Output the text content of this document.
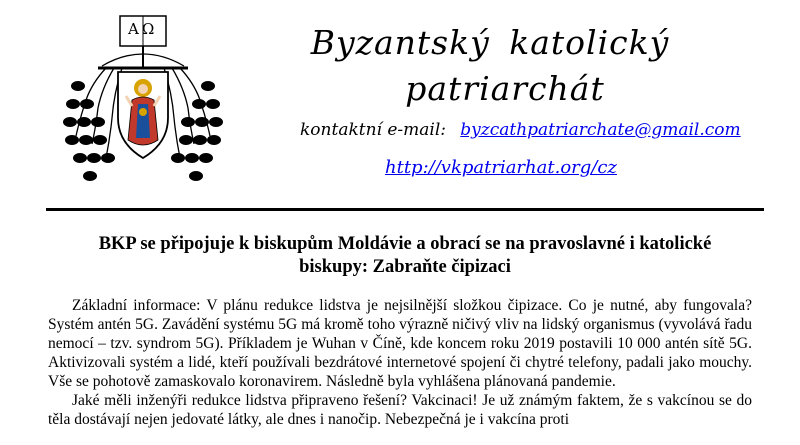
ΑΩ	Byzantský katolický
patriarchát
kontaktní e-mail: byzcathpatriarchate@gmail.com
http://vkpatriarhat.org/cz
BKP se připojuje k biskupům Moldávie a obrací se na pravoslavné i katolické
biskupy: Zabraňte čipizaci

Základní informace: V plánu redukce lidstva je nejsilnější složkou čipizace. Co je nutné, aby fungovala? Systém antén 5G. Zavádění systému 5G má kromě toho výrazně ničivý vliv na lidský organismus (vyvolává řadu nemocí – tzv. syndrom 5G). Příkladem je Wuhan v Číně, kde koncem roku 2019 postavili 10 000 antén sítě 5G. Aktivizovali systém a lidé, kteří používali bezdrátové internetové spojení či chytré telefony, padali jako mouchy. Vše se pohotově zamaskovalo koronavirem. Následně byla vyhlášena plánovaná pandemie.

Jaké měli inženýři redukce lidstva připraveno řešení? Vakcinaci! Je už známým faktem, že s vakcínou se do těla dostávají nejen jedovaté látky, ale dnes i nanočip. Nebezpečná je i vakcína proti
